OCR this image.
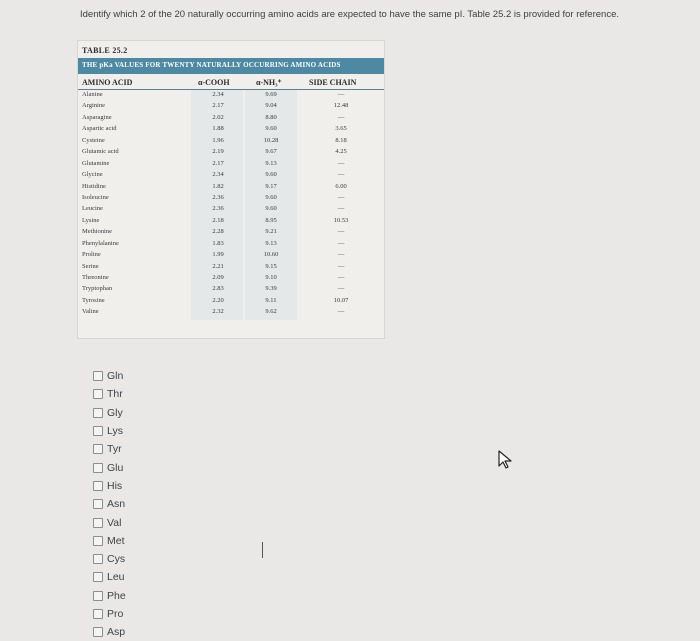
Identify which 2 of the 20 naturally occurring amino acids are expected to have the same pI. Table 25.2 is provided for reference.
TABLE 25.2
THE pKa VALUES FOR TWENTY NATURALLY OCCURRING AMINO ACIDS
AMINO ACID	α-COOH	α-NH₃⁺	SIDE CHAIN
Alanine	2.34	9.69	—
Arginine	2.17	9.04	12.48
Asparagine	2.02	8.80	—
Aspartic acid	1.88	9.60	3.65
Cysteine	1.96	10.28	8.18
Glutamic acid	2.19	9.67	4.25
Glutamine	2.17	9.13	—
Glycine	2.34	9.60	—
Histidine	1.82	9.17	6.00
Isoleucine	2.36	9.60	—
Leucine	2.36	9.60	—
Lysine	2.18	8.95	10.53
Methionine	2.28	9.21	—
Phenylalanine	1.83	9.13	—
Proline	1.99	10.60	—
Serine	2.21	9.15	—
Threonine	2.09	9.10	—
Tryptophan	2.83	9.39	—
Tyrosine	2.20	9.11	10.07
Valine	2.32	9.62	—
Gln
Thr
Gly
Lys
Tyr
Glu
His
Asn
Val
Met
Cys
Leu
Phe
Pro
Asp
